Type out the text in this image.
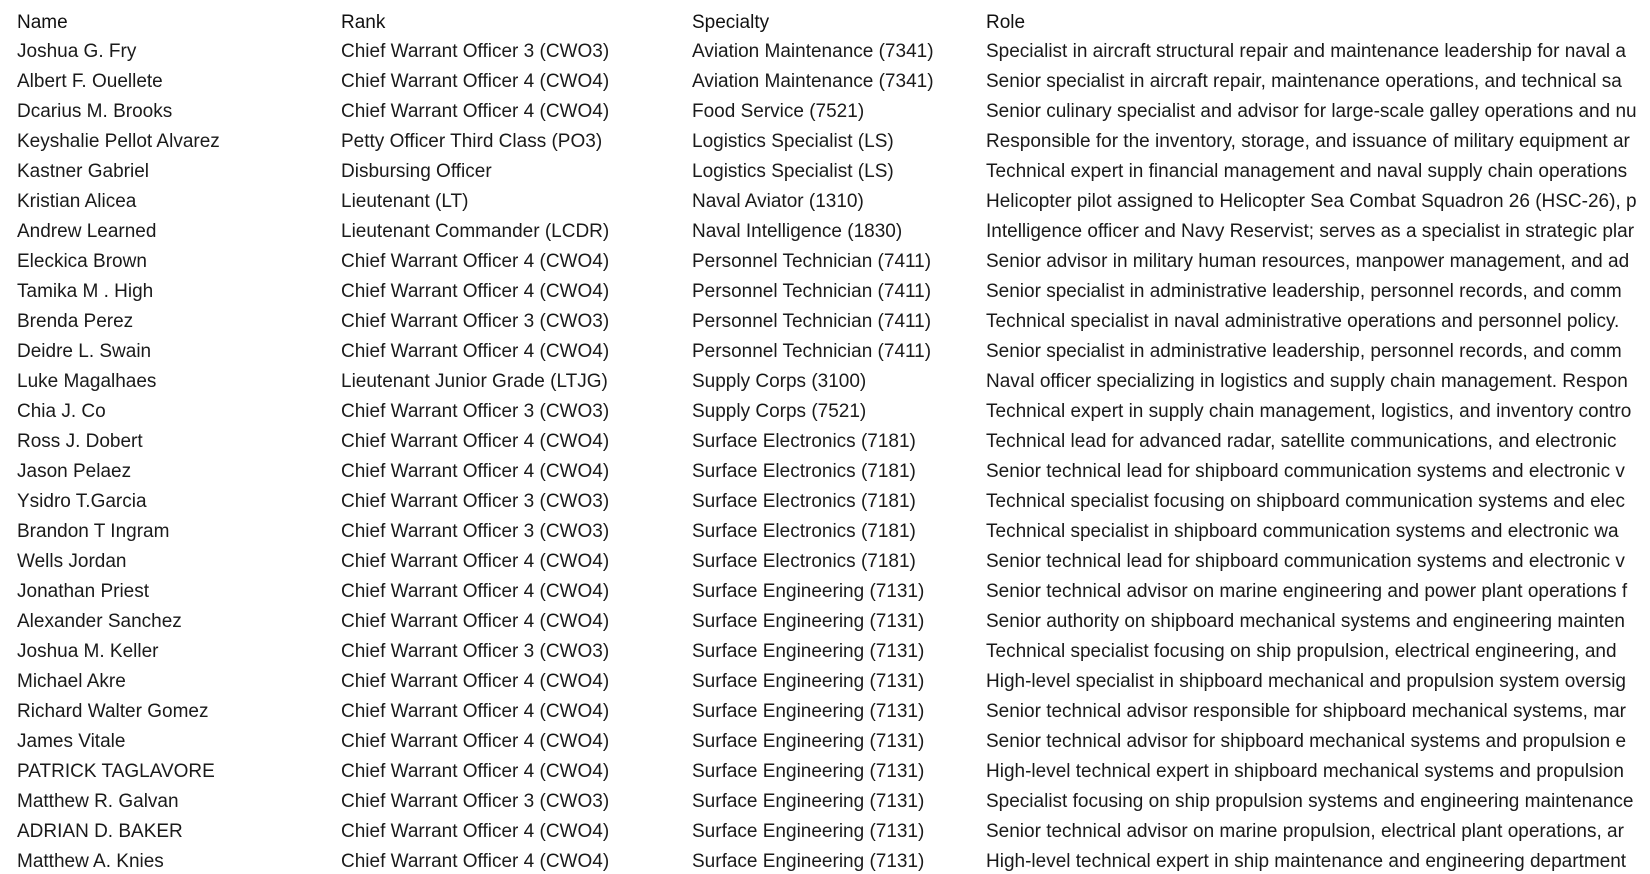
Name	Rank	Specialty	Role
Joshua G. Fry	Chief Warrant Officer 3 (CWO3)	Aviation Maintenance (7341)	Specialist in aircraft structural repair and maintenance leadership for naval a
Albert F. Ouellete	Chief Warrant Officer 4 (CWO4)	Aviation Maintenance (7341)	Senior specialist in aircraft repair, maintenance operations, and technical sa
Dcarius M. Brooks	Chief Warrant Officer 4 (CWO4)	Food Service (7521)	Senior culinary specialist and advisor for large-scale galley operations and nu
Keyshalie Pellot Alvarez	Petty Officer Third Class (PO3)	Logistics Specialist (LS)	Responsible for the inventory, storage, and issuance of military equipment ar
Kastner Gabriel	Disbursing Officer	Logistics Specialist (LS)	Technical expert in financial management and naval supply chain operations
Kristian Alicea	Lieutenant (LT)	Naval Aviator (1310)	Helicopter pilot assigned to Helicopter Sea Combat Squadron 26 (HSC-26), p
Andrew Learned	Lieutenant Commander (LCDR)	Naval Intelligence (1830)	Intelligence officer and Navy Reservist; serves as a specialist in strategic plar
Eleckica Brown	Chief Warrant Officer 4 (CWO4)	Personnel Technician (7411)	Senior advisor in military human resources, manpower management, and ad
Tamika M . High	Chief Warrant Officer 4 (CWO4)	Personnel Technician (7411)	Senior specialist in administrative leadership, personnel records, and comm
Brenda Perez	Chief Warrant Officer 3 (CWO3)	Personnel Technician (7411)	Technical specialist in naval administrative operations and personnel policy.
Deidre L. Swain	Chief Warrant Officer 4 (CWO4)	Personnel Technician (7411)	Senior specialist in administrative leadership, personnel records, and comm
Luke Magalhaes	Lieutenant Junior Grade (LTJG)	Supply Corps (3100)	Naval officer specializing in logistics and supply chain management. Respon
Chia J. Co	Chief Warrant Officer 3 (CWO3)	Supply Corps (7521)	Technical expert in supply chain management, logistics, and inventory contro
Ross J. Dobert	Chief Warrant Officer 4 (CWO4)	Surface Electronics (7181)	Technical lead for advanced radar, satellite communications, and electronic
Jason Pelaez	Chief Warrant Officer 4 (CWO4)	Surface Electronics (7181)	Senior technical lead for shipboard communication systems and electronic v
Ysidro T.Garcia	Chief Warrant Officer 3 (CWO3)	Surface Electronics (7181)	Technical specialist focusing on shipboard communication systems and elec
Brandon T Ingram	Chief Warrant Officer 3 (CWO3)	Surface Electronics (7181)	Technical specialist in shipboard communication systems and electronic wa
Wells Jordan	Chief Warrant Officer 4 (CWO4)	Surface Electronics (7181)	Senior technical lead for shipboard communication systems and electronic v
Jonathan Priest	Chief Warrant Officer 4 (CWO4)	Surface Engineering (7131)	Senior technical advisor on marine engineering and power plant operations f
Alexander Sanchez	Chief Warrant Officer 4 (CWO4)	Surface Engineering (7131)	Senior authority on shipboard mechanical systems and engineering mainten
Joshua M. Keller	Chief Warrant Officer 3 (CWO3)	Surface Engineering (7131)	Technical specialist focusing on ship propulsion, electrical engineering, and
Michael Akre	Chief Warrant Officer 4 (CWO4)	Surface Engineering (7131)	High-level specialist in shipboard mechanical and propulsion system oversig
Richard Walter Gomez	Chief Warrant Officer 4 (CWO4)	Surface Engineering (7131)	Senior technical advisor responsible for shipboard mechanical systems, mar
James Vitale	Chief Warrant Officer 4 (CWO4)	Surface Engineering (7131)	Senior technical advisor for shipboard mechanical systems and propulsion e
PATRICK TAGLAVORE	Chief Warrant Officer 4 (CWO4)	Surface Engineering (7131)	High-level technical expert in shipboard mechanical systems and propulsion
Matthew R. Galvan	Chief Warrant Officer 3 (CWO3)	Surface Engineering (7131)	Specialist focusing on ship propulsion systems and engineering maintenance
ADRIAN D. BAKER	Chief Warrant Officer 4 (CWO4)	Surface Engineering (7131)	Senior technical advisor on marine propulsion, electrical plant operations, ar
Matthew A. Knies	Chief Warrant Officer 4 (CWO4)	Surface Engineering (7131)	High-level technical expert in ship maintenance and engineering department
